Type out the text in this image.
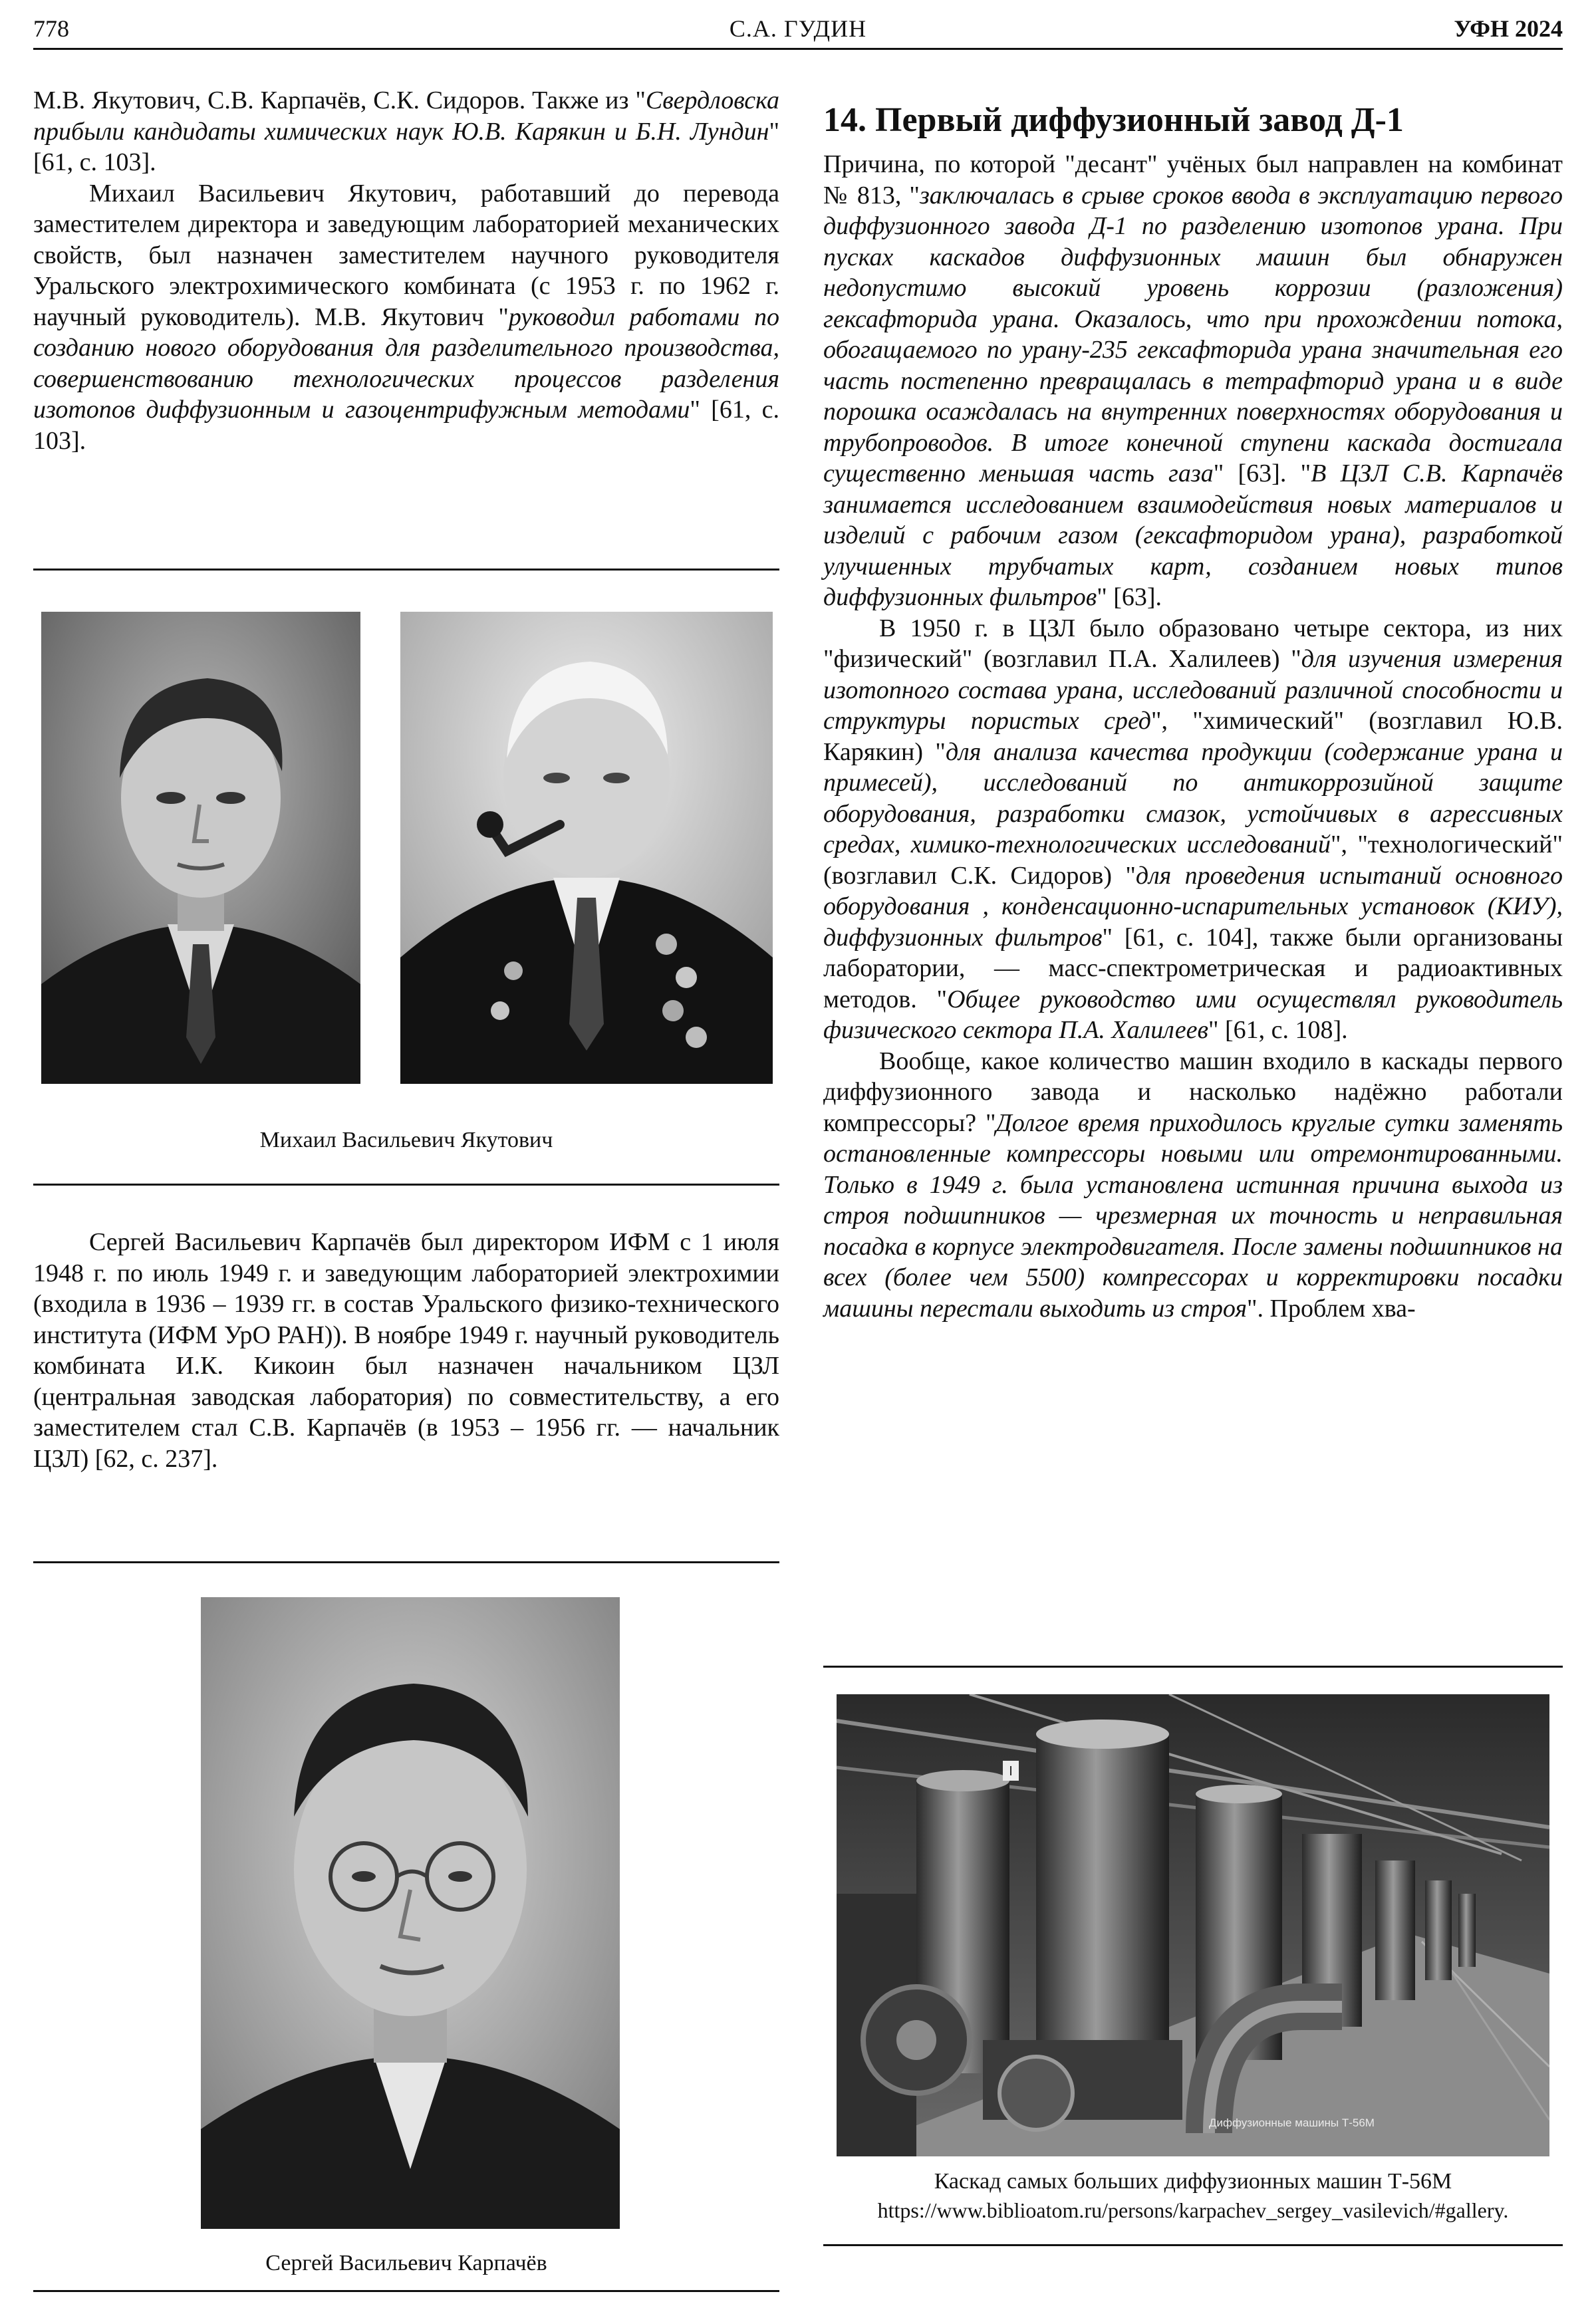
778	С.А. ГУДИН	УФН 2024

М.В. Якутович, С.В. Карпачёв, С.К. Сидоров. Также из "Свердловска прибыли кандидаты химических наук Ю.В. Карякин и Б.Н. Лундин" [61, с. 103].

Михаил Васильевич Якутович, работавший до перевода заместителем директора и заведующим лабораторией механических свойств, был назначен заместителем научного руководителя Уральского электрохимического комбината (с 1953 г. по 1962 г. научный руководитель). М.В. Якутович "руководил работами по созданию нового оборудования для разделительного производства, совершенствованию технологических процессов разделения изотопов диффузионным и газоцентрифужным методами" [61, с. 103].

Михаил Васильевич Якутович

Сергей Васильевич Карпачёв был директором ИФМ с 1 июля 1948 г. по июль 1949 г. и заведующим лабораторией электрохимии (входила в 1936 – 1939 гг. в состав Уральского физико-технического института (ИФМ УрО РАН)). В ноябре 1949 г. научный руководитель комбината И.К. Кикоин был назначен начальником ЦЗЛ (центральная заводская лаборатория) по совместительству, а его заместителем стал С.В. Карпачёв (в 1953 – 1956 гг. — начальник ЦЗЛ) [62, с. 237].

Сергей Васильевич Карпачёв
14. Первый диффузионный завод Д-1

Причина, по которой "десант" учёных был направлен на комбинат № 813, "заключалась в срыве сроков ввода в эксплуатацию первого диффузионного завода Д-1 по разделению изотопов урана. При пусках каскадов диффузионных машин был обнаружен недопустимо высокий уровень коррозии (разложения) гексафторида урана. Оказалось, что при прохождении потока, обогащаемого по урану-235 гексафторида урана значительная его часть постепенно превращалась в тетрафторид урана и в виде порошка осаждалась на внутренних поверхностях оборудования и трубопроводов. В итоге конечной ступени каскада достигала существенно меньшая часть газа" [63]. "В ЦЗЛ С.В. Карпачёв занимается исследованием взаимодействия новых материалов и изделий с рабочим газом (гексафторидом урана), разработкой улучшенных трубчатых карт, созданием новых типов диффузионных фильтров" [63].

В 1950 г. в ЦЗЛ было образовано четыре сектора, из них "физический" (возглавил П.А. Халилеев) "для изучения измерения изотопного состава урана, исследований различной способности и структуры пористых сред", "химический" (возглавил Ю.В. Карякин) "для анализа качества продукции (содержание урана и примесей), исследований по антикоррозийной защите оборудования, разработки смазок, устойчивых в агрессивных средах, химико-технологических исследований", "технологический" (возглавил С.К. Сидоров) "для проведения испытаний основного оборудования , конденсационно-испарительных установок (КИУ), диффузионных фильтров" [61, с. 104], также были организованы лаборатории, — масс-спектрометрическая и радиоактивных методов. "Общее руководство ими осуществлял руководитель физического сектора П.А. Халилеев" [61, с. 108].

Вообще, какое количество машин входило в каскады первого диффузионного завода и насколько надёжно работали компрессоры? "Долгое время приходилось круглые сутки заменять остановленные компрессоры новыми или отремонтированными. Только в 1949 г. была установлена истинная причина выхода из строя подшипников — чрезмерная их точность и неправильная посадка в корпусе электродвигателя. После замены подшипников на всех (более чем 5500) компрессорах и корректировки посадки машины перестали выходить из строя". Проблем хва-

I
Диффузионные машины Т-56М
Каскад самых больших диффузионных машин Т-56М
https://www.biblioatom.ru/persons/karpachev_sergey_vasilevich/#gallery.
